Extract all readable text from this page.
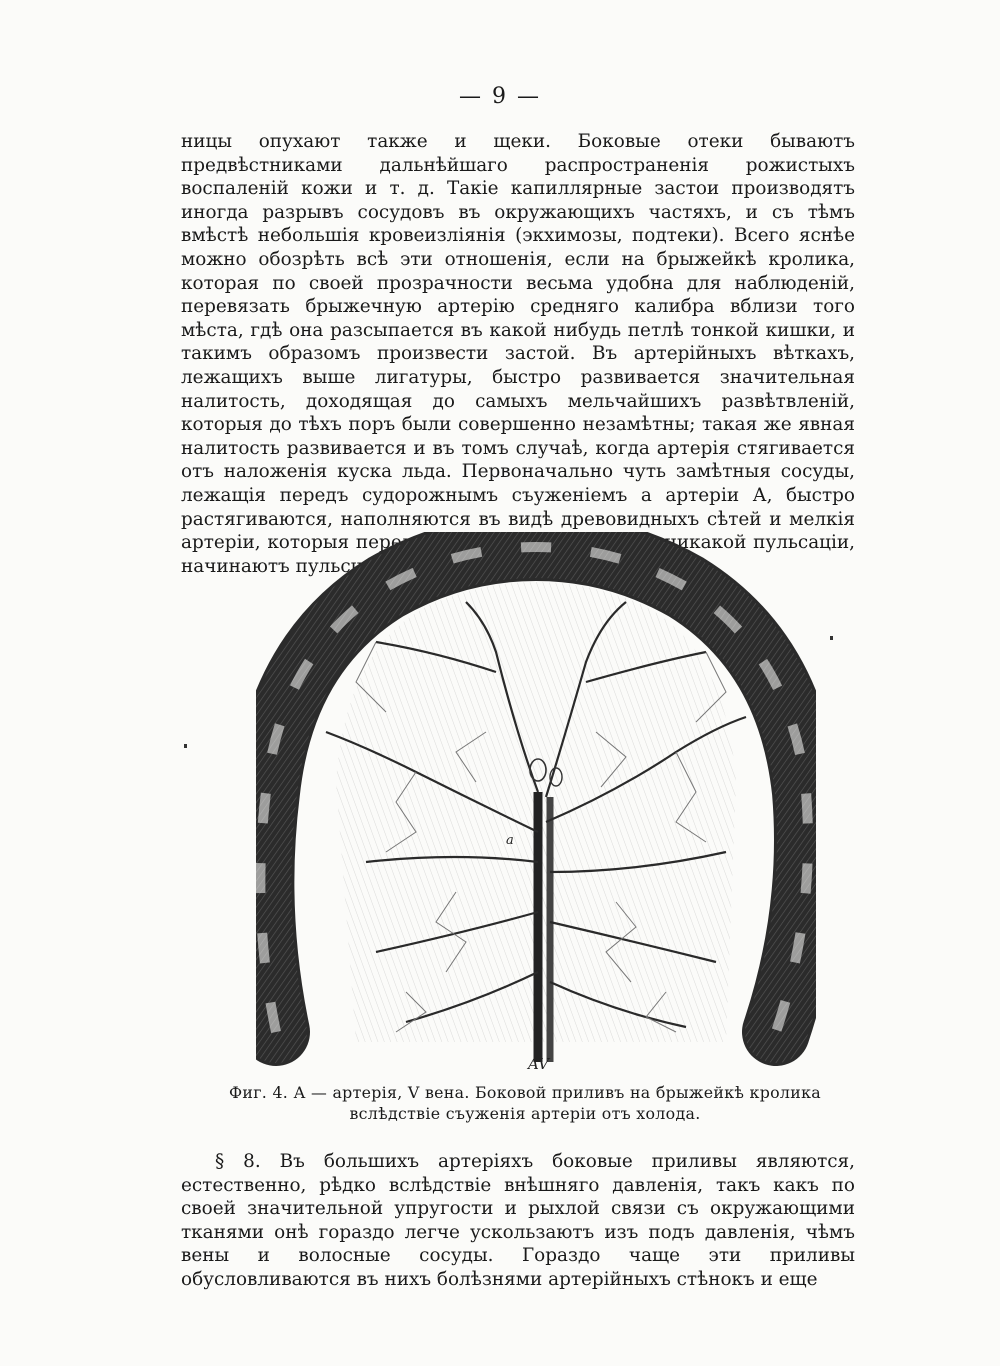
— 9 —

ницы опухают также и щеки. Боковые отеки бываютъ предвѣстниками дальнѣйшаго распространенія рожистыхъ воспаленій кожи и т. д. Такіе капиллярные застои производятъ иногда разрывъ сосудовъ въ окружающихъ частяхъ, и съ тѣмъ вмѣстѣ небольшія кровеизліянія (экхимозы, подтеки). Всего яснѣе можно обозрѣть всѣ эти отношенія, если на брыжейкѣ кролика, которая по своей прозрачности весьма удобна для наблюденій, перевязать брыжечную артерію средняго калибра вблизи того мѣста, гдѣ она разсыпается въ какой нибудь петлѣ тонкой кишки, и такимъ образомъ произвести застой. Въ артерійныхъ вѣткахъ, лежащихъ выше лигатуры, быстро развивается значительная налитость, доходящая до самыхъ мельчайшихъ развѣтвленій, которыя до тѣхъ поръ были совершенно незамѣтны; такая же явная налитость развивается и въ томъ случаѣ, когда артерія стягивается отъ наложенія куска льда. Первоначально чуть замѣтныя сосуды, лежащія передъ судорожнымъ съуженіемъ а артеріи А, быстро растягиваются, наполняются въ видѣ древовидныхъ сѣтей и мелкія артеріи, которыя передъ тѣмъ не обнаруживали никакой пульсаціи, начинаютъ пульсировать.

a
AV
Фиг. 4. А — артерія, V вена. Боковой приливъ на брыжейкѣ кролика вслѣдствіе съуженія артеріи отъ холода.

§ 8. Въ большихъ артеріяхъ боковые приливы являются, естественно, рѣдко вслѣдствіе внѣшняго давленія, такъ какъ по своей значительной упругости и рыхлой связи съ окружающими тканями онѣ гораздо легче ускользаютъ изъ подъ давленія, чѣмъ вены и волосные сосуды. Гораздо чаще эти приливы обусловливаются въ нихъ болѣзнями артерійныхъ стѣнокъ и еще
